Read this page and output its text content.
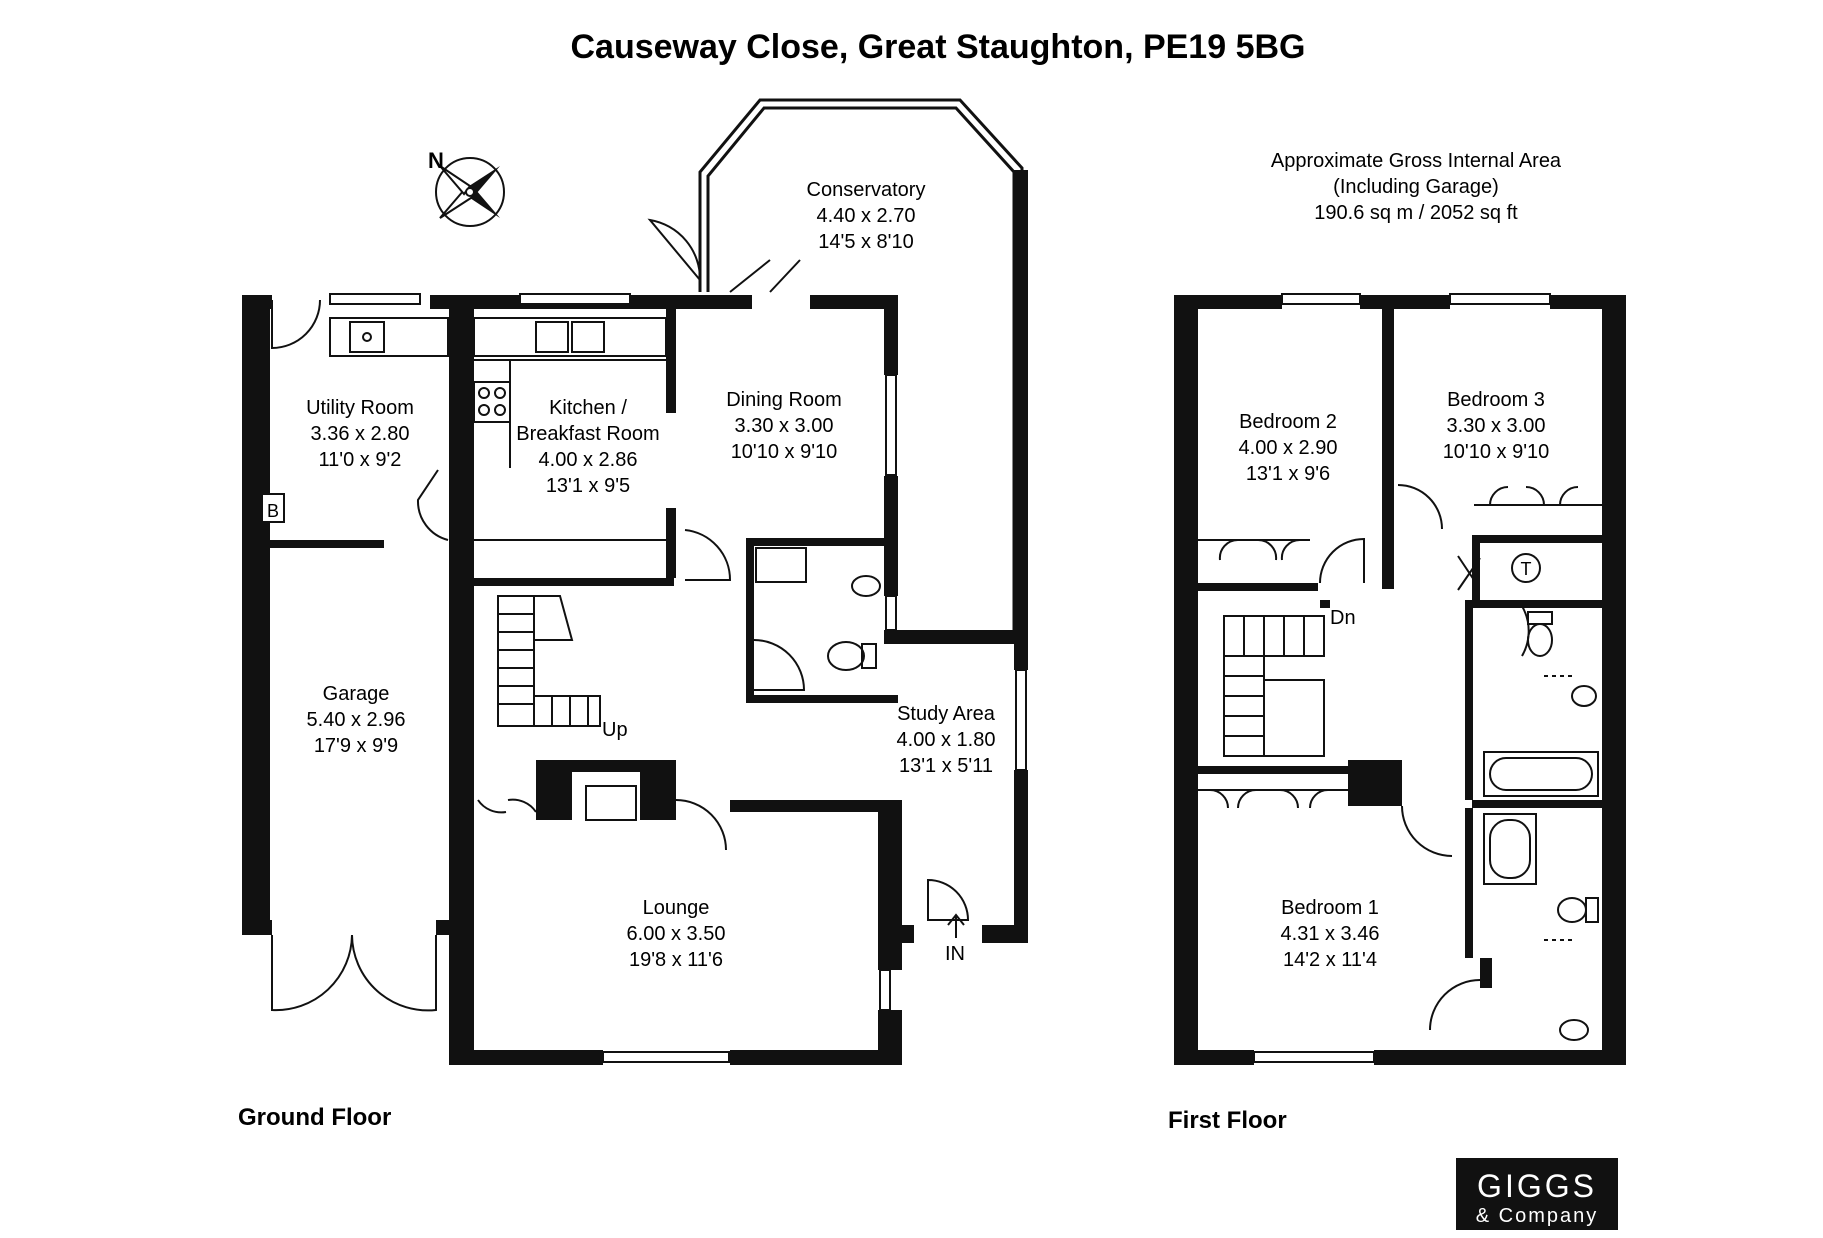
Causeway Close, Great Staughton, PE19 5BG
Approximate Gross Internal Area
(Including Garage)
190.6 sq m / 2052 sq ft
N
Up
B
IN
Conservatory
4.40 x 2.70
14'5 x 8'10
Utility Room
3.36 x 2.80
11'0 x 9'2
Kitchen /
Breakfast Room
4.00 x 2.86
13'1 x 9'5
Dining Room
3.30 x 3.00
10'10 x 9'10
Garage
5.40 x 2.96
17'9 x 9'9
Study Area
4.00 x 1.80
13'1 x 5'11
Lounge
6.00 x 3.50
19'8 x 11'6
Ground Floor
Dn
T
Bedroom 2
4.00 x 2.90
13'1 x 9'6
Bedroom 3
3.30 x 3.00
10'10 x 9'10
Bedroom 1
4.31 x 3.46
14'2 x 11'4
First Floor
GIGGS
& Company
